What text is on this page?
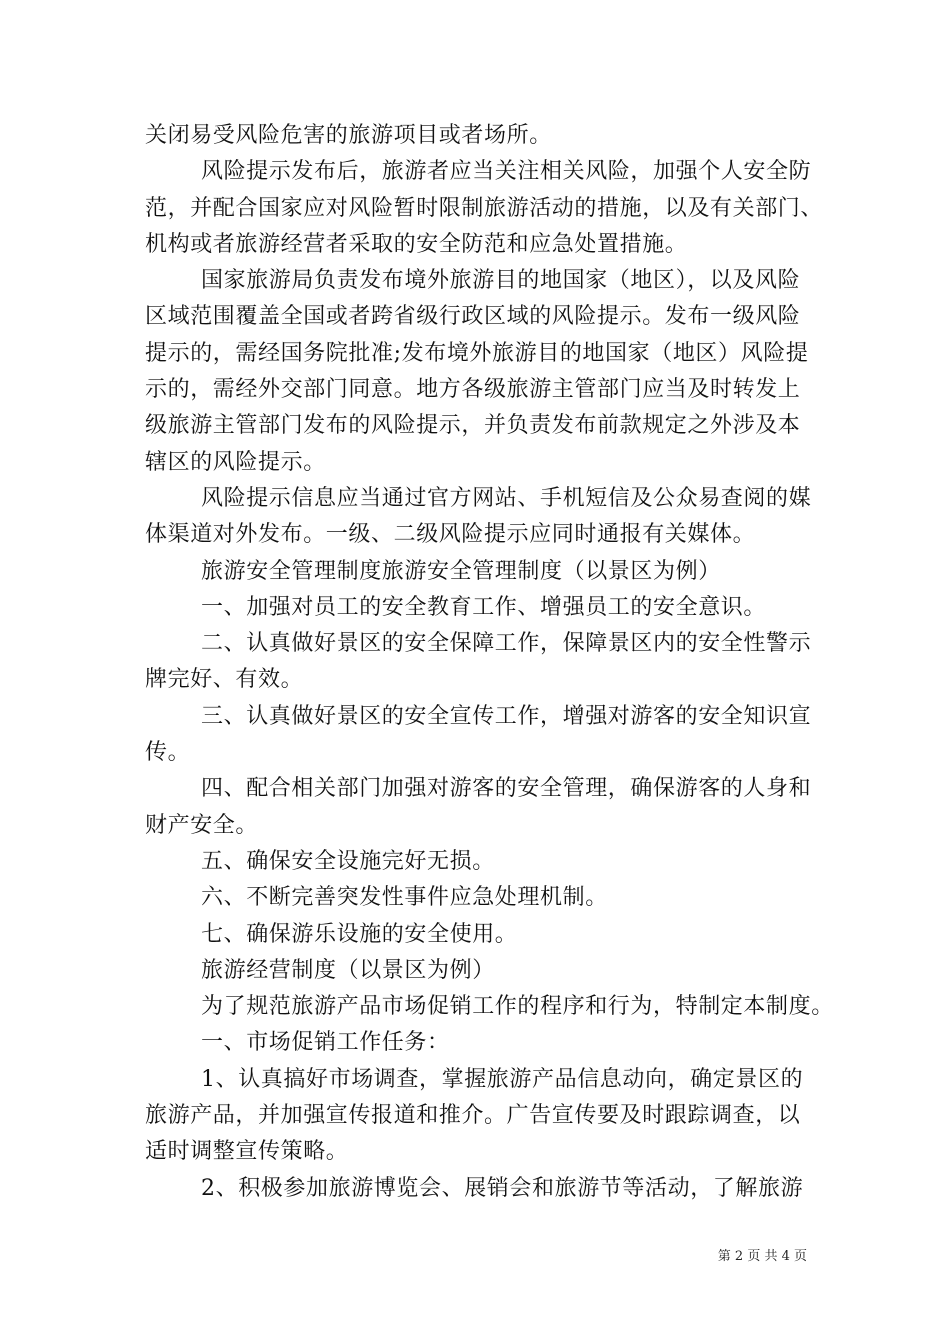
关闭易受风险危害的旅游项目或者场所。
风险提示发布后，旅游者应当关注相关风险，加强个人安全防
范，并配合国家应对风险暂时限制旅游活动的措施，以及有关部门、
机构或者旅游经营者采取的安全防范和应急处置措施。
国家旅游局负责发布境外旅游目的地国家（地区），以及风险
区域范围覆盖全国或者跨省级行政区域的风险提示。发布一级风险
提示的，需经国务院批准;发布境外旅游目的地国家（地区）风险提
示的，需经外交部门同意。地方各级旅游主管部门应当及时转发上
级旅游主管部门发布的风险提示，并负责发布前款规定之外涉及本
辖区的风险提示。
风险提示信息应当通过官方网站、手机短信及公众易查阅的媒
体渠道对外发布。一级、二级风险提示应同时通报有关媒体。
旅游安全管理制度旅游安全管理制度（以景区为例）
一、加强对员工的安全教育工作、增强员工的安全意识。
二、认真做好景区的安全保障工作，保障景区内的安全性警示
牌完好、有效。
三、认真做好景区的安全宣传工作，增强对游客的安全知识宣
传。
四、配合相关部门加强对游客的安全管理，确保游客的人身和
财产安全。
五、确保安全设施完好无损。
六、不断完善突发性事件应急处理机制。
七、确保游乐设施的安全使用。
旅游经营制度（以景区为例）
为了规范旅游产品市场促销工作的程序和行为，特制定本制度。
一、市场促销工作任务：
1、认真搞好市场调查，掌握旅游产品信息动向，确定景区的
旅游产品，并加强宣传报道和推介。广告宣传要及时跟踪调查，以
适时调整宣传策略。
2、积极参加旅游博览会、展销会和旅游节等活动，了解旅游
第 2 页 共 4 页
